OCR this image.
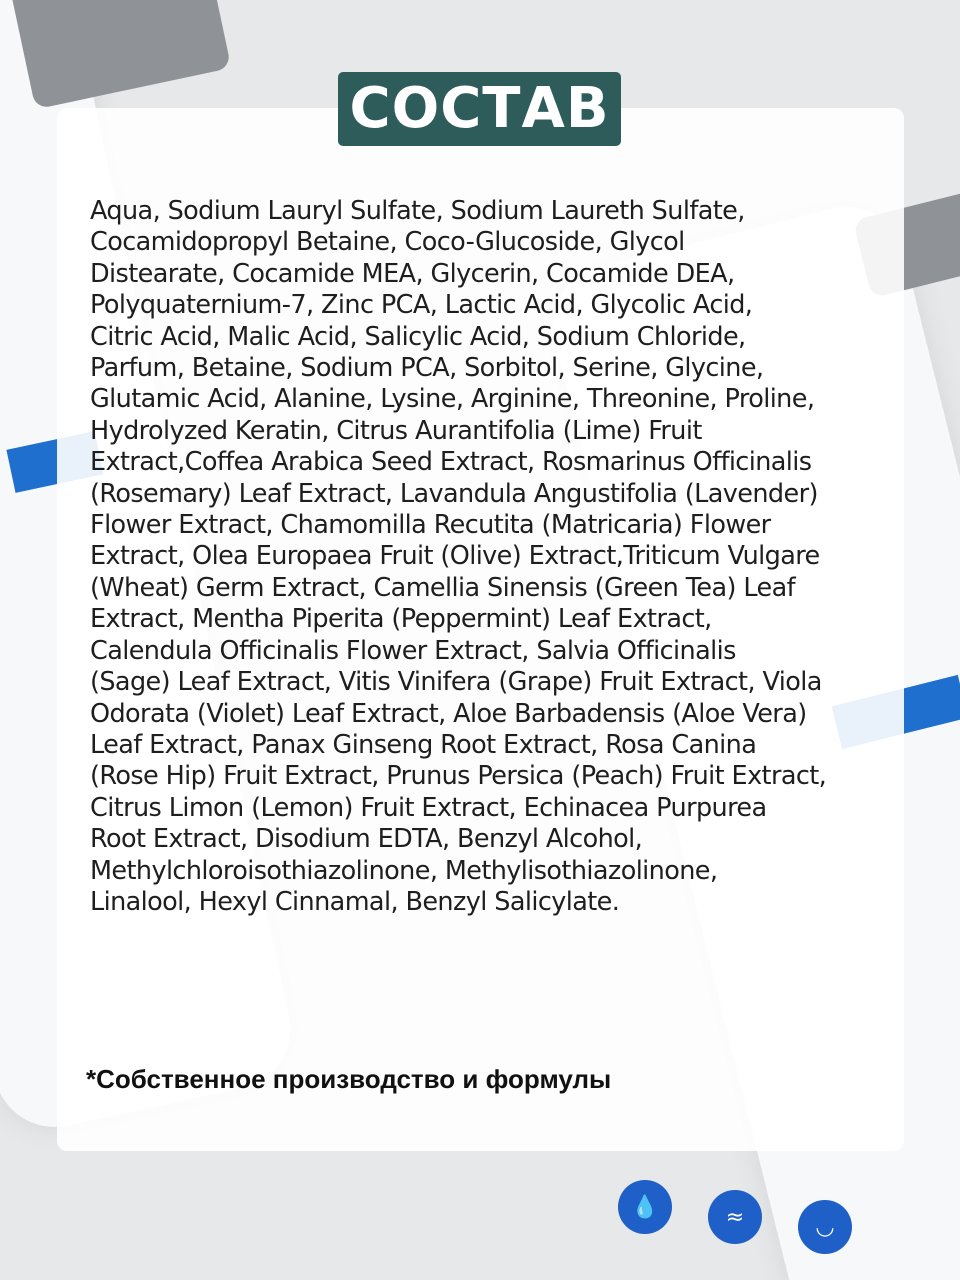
💧	≈	◡
СОСТАВ
Aqua, Sodium Lauryl Sulfate, Sodium Laureth Sulfate,
Cocamidopropyl Betaine, Coco-Glucoside, Glycol
Distearate, Cocamide MEA, Glycerin, Cocamide DEA,
Polyquaternium-7, Zinc PCA, Lactic Acid, Glycolic Acid,
Citric Acid, Malic Acid, Salicylic Acid, Sodium Chloride,
Parfum, Betaine, Sodium PCA, Sorbitol, Serine, Glycine,
Glutamic Acid, Alanine, Lysine, Arginine, Threonine, Proline,
Hydrolyzed Keratin, Citrus Aurantifolia (Lime) Fruit
Extract,Coffea Arabica Seed Extract, Rosmarinus Officinalis
(Rosemary) Leaf Extract, Lavandula Angustifolia (Lavender)
Flower Extract, Chamomilla Recutita (Matricaria) Flower
Extract, Olea Europaea Fruit (Olive) Extract,Triticum Vulgare
(Wheat) Germ Extract, Camellia Sinensis (Green Tea) Leaf
Extract, Mentha Piperita (Peppermint) Leaf Extract,
Calendula Officinalis Flower Extract, Salvia Officinalis
(Sage) Leaf Extract, Vitis Vinifera (Grape) Fruit Extract, Viola
Odorata (Violet) Leaf Extract, Aloe Barbadensis (Aloe Vera)
Leaf Extract, Panax Ginseng Root Extract, Rosa Canina
(Rose Hip) Fruit Extract, Prunus Persica (Peach) Fruit Extract,
Citrus Limon (Lemon) Fruit Extract, Echinacea Purpurea
Root Extract, Disodium EDTA, Benzyl Alcohol,
Methylchloroisothiazolinone, Methylisothiazolinone,
Linalool, Hexyl Cinnamal, Benzyl Salicylate.

*Собственное производство и формулы
